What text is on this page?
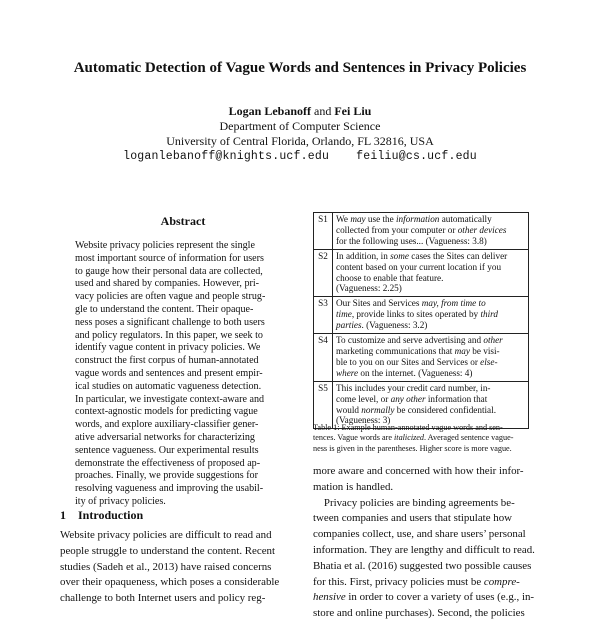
Automatic Detection of Vague Words and Sentences in Privacy Policies
Logan Lebanoff and Fei Liu
Department of Computer Science
University of Central Florida, Orlando, FL 32816, USA
loganlebanoff@knights.ucf.edu feiliu@cs.ucf.edu
Abstract
Website privacy policies represent the single
most important source of information for users
to gauge how their personal data are collected,
used and shared by companies. However, pri-
vacy policies are often vague and people strug-
gle to understand the content. Their opaque-
ness poses a significant challenge to both users
and policy regulators. In this paper, we seek to
identify vague content in privacy policies. We
construct the first corpus of human-annotated
vague words and sentences and present empir-
ical studies on automatic vagueness detection.
In particular, we investigate context-aware and
context-agnostic models for predicting vague
words, and explore auxiliary-classifier gener-
ative adversarial networks for characterizing
sentence vagueness. Our experimental results
demonstrate the effectiveness of proposed ap-
proaches. Finally, we provide suggestions for
resolving vagueness and improving the usabil-
ity of privacy policies.
1 Introduction
Website privacy policies are difficult to read and
people struggle to understand the content. Recent
studies (Sadeh et al., 2013) have raised concerns
over their opaqueness, which poses a considerable
challenge to both Internet users and policy reg-
S1	We may use the information automatically
collected from your computer or other devices
for the following uses... (Vagueness: 3.8)

S2	In addition, in some cases the Sites can deliver
content based on your current location if you
choose to enable that feature.
(Vagueness: 2.25)

S3	Our Sites and Services may, from time to
time, provide links to sites operated by third
parties. (Vagueness: 3.2)

S4	To customize and serve advertising and other
marketing communications that may be visi-
ble to you on our Sites and Services or else-
where on the internet. (Vagueness: 4)

S5	This includes your credit card number, in-
come level, or any other information that
would normally be considered confidential.
(Vagueness: 3)
Table 1: Example human-annotated vague words and sen-
tences. Vague words are italicized. Averaged sentence vague-
ness is given in the parentheses. Higher score is more vague.
more aware and concerned with how their infor-
mation is handled.
Privacy policies are binding agreements be-
tween companies and users that stipulate how
companies collect, use, and share users’ personal
information. They are lengthy and difficult to read.
Bhatia et al. (2016) suggested two possible causes
for this. First, privacy policies must be compre-
hensive in order to cover a variety of uses (e.g., in-
store and online purchases). Second, the policies
